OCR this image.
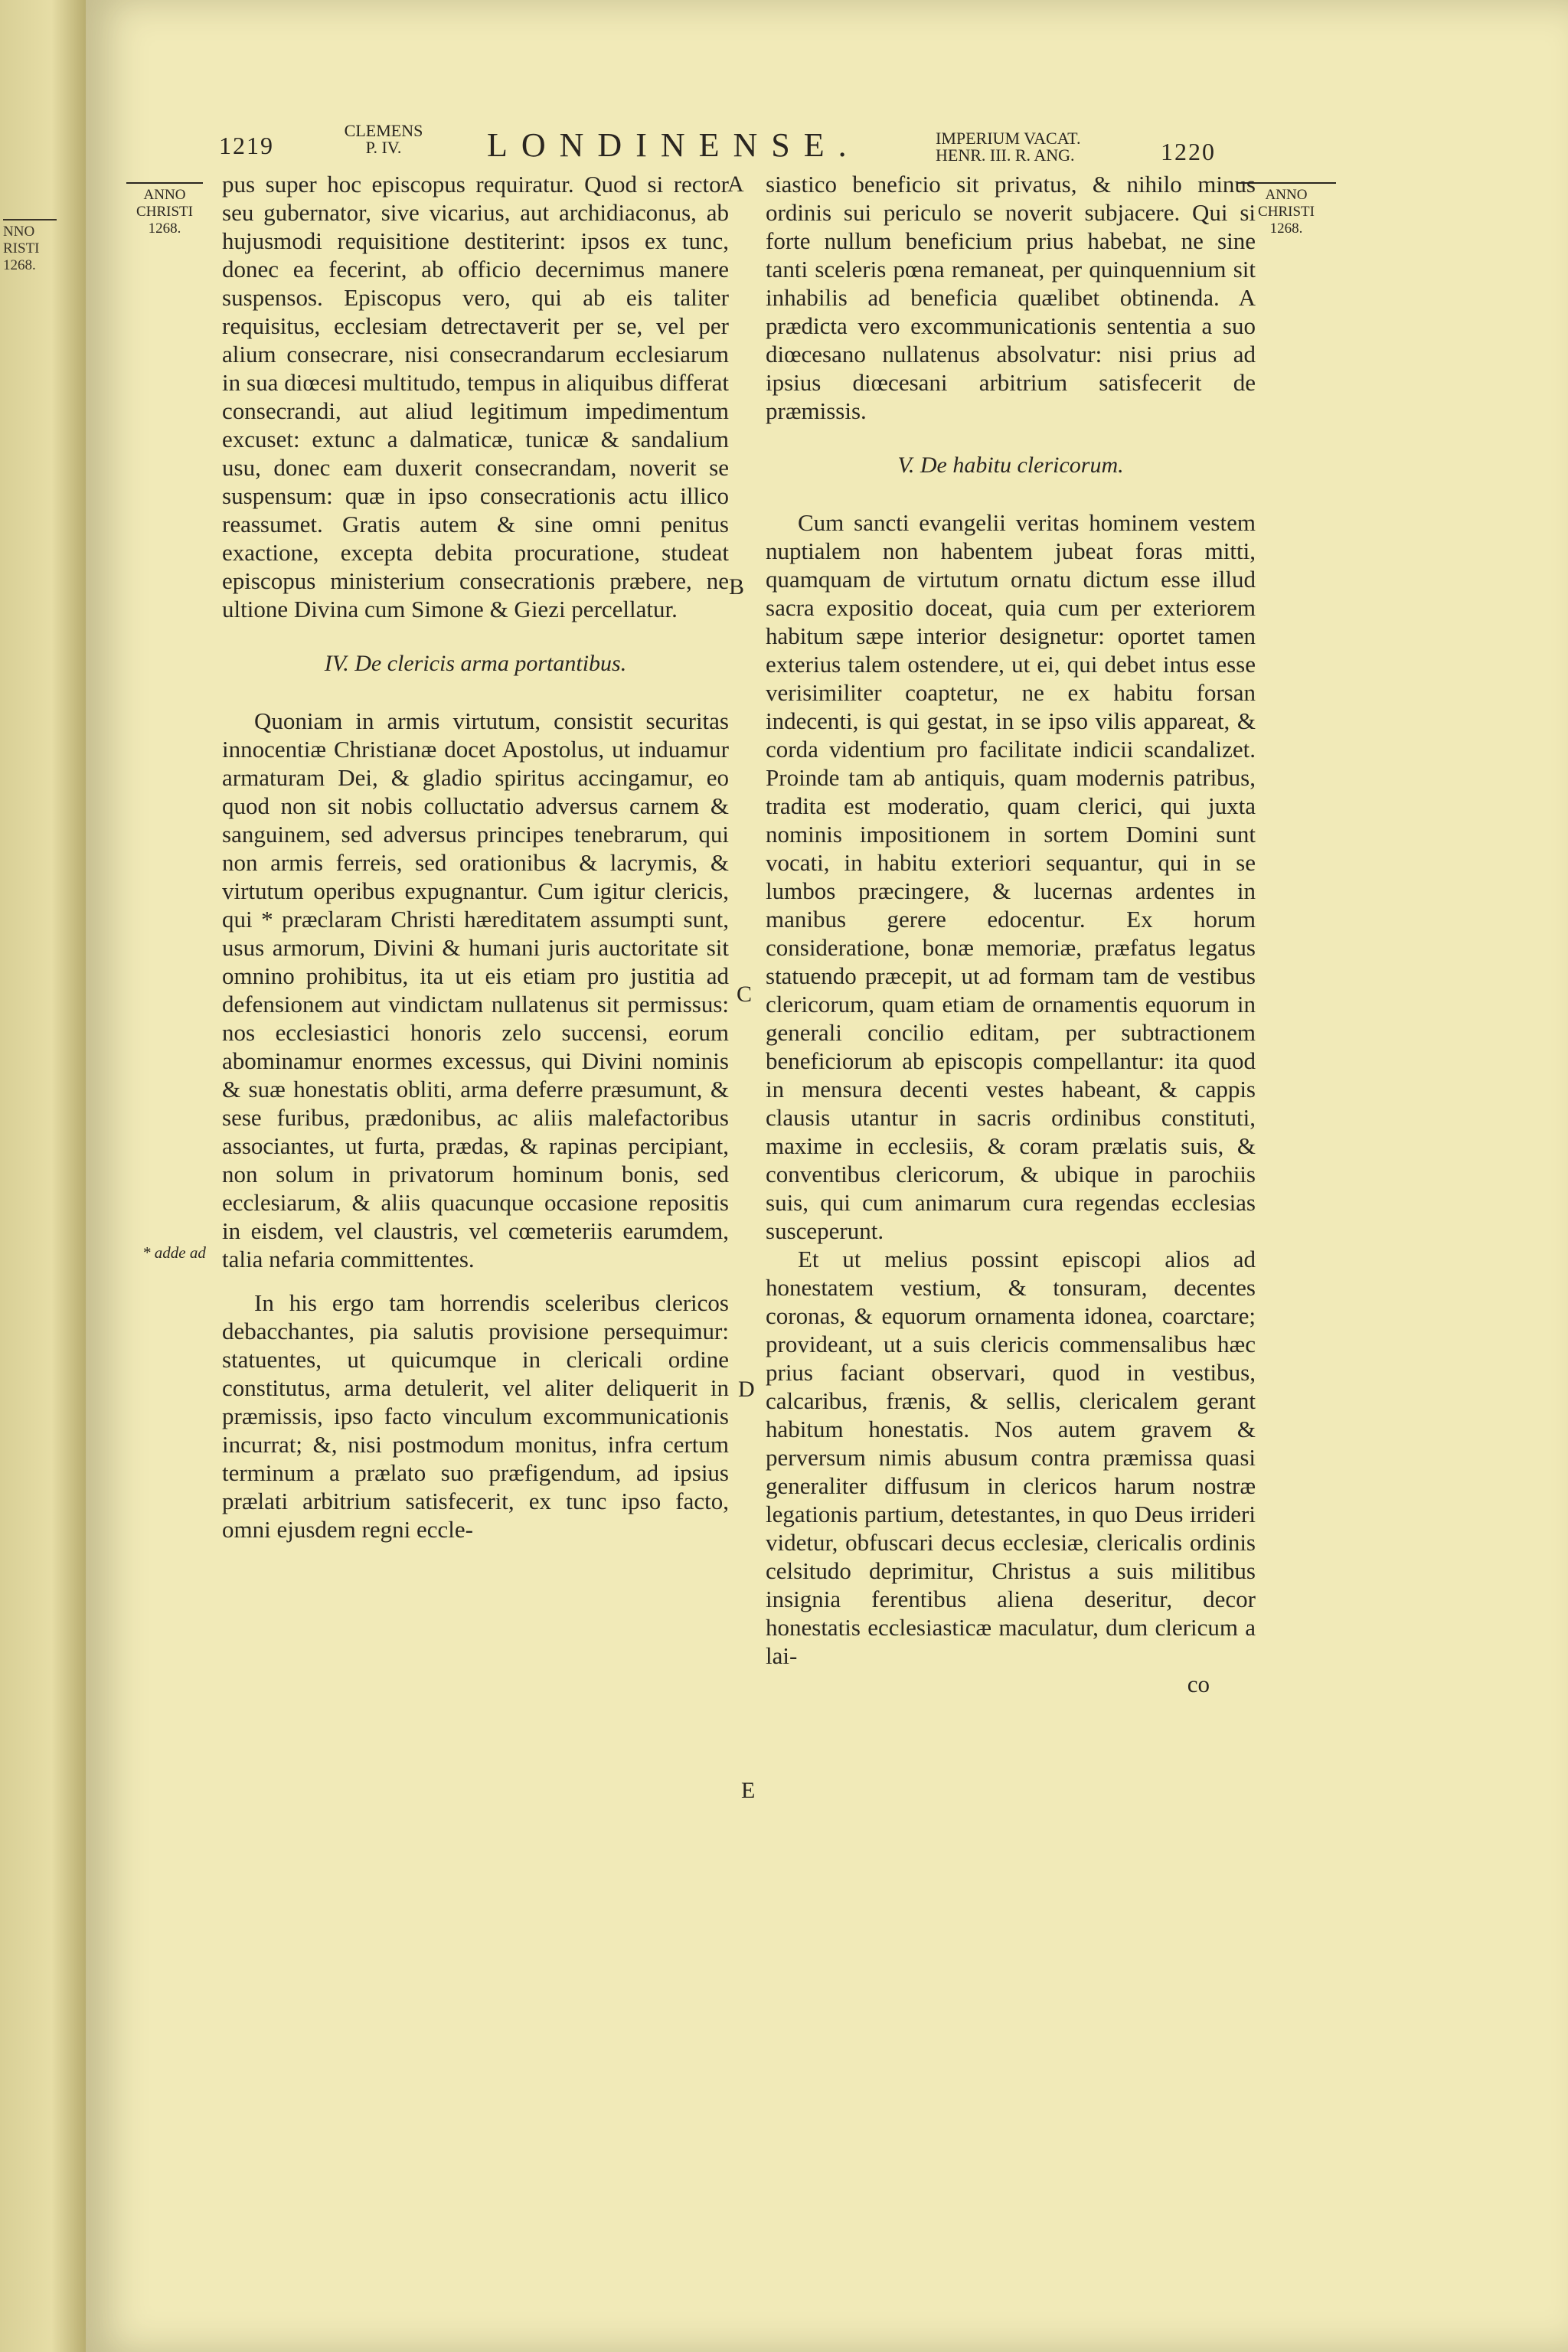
NNO
RISTI
1268.
1219
CLEMENS
P. IV.	LONDINENSE.	IMPERIUM VACAT.
HENR. III. R. ANG.	1220
ANNO
CHRISTI
1268.
ANNO
CHRISTI
1268.
* adde ad
A
B
C
D
E

pus super hoc episcopus requiratur. Quod si rector seu gubernator, sive vicarius, aut archidiaconus, ab hujusmodi requisitione destiterint: ipsos ex tunc, donec ea fecerint, ab officio decernimus manere suspensos. Episcopus vero, qui ab eis taliter requisitus, ecclesiam detrectaverit per se, vel per alium consecrare, nisi consecrandarum ecclesiarum in sua diœcesi multitudo, tempus in aliquibus differat consecrandi, aut aliud legitimum impedimentum excuset: extunc a dalmaticæ, tunicæ & sandalium usu, donec eam duxerit consecrandam, noverit se suspensum: quæ in ipso consecrationis actu illico reassumet. Gratis autem & sine omni penitus exactione, excepta debita procuratione, studeat episcopus ministerium consecrationis præbere, ne ultione Divina cum Simone & Giezi percellatur.

IV. De clericis arma portantibus.

Quoniam in armis virtutum, consistit securitas innocentiæ Christianæ docet Apostolus, ut induamur armaturam Dei, & gladio spiritus accingamur, eo quod non sit nobis colluctatio adversus carnem & sanguinem, sed adversus principes tenebrarum, qui non armis ferreis, sed orationibus & lacrymis, & virtutum operibus expugnantur. Cum igitur clericis, qui * præclaram Christi hæreditatem assumpti sunt, usus armorum, Divini & humani juris auctoritate sit omnino prohibitus, ita ut eis etiam pro justitia ad defensionem aut vindictam nullatenus sit permissus: nos ecclesiastici honoris zelo succensi, eorum abominamur enormes excessus, qui Divini nominis & suæ honestatis obliti, arma deferre præsumunt, & sese furibus, prædonibus, ac aliis malefactoribus associantes, ut furta, prædas, & rapinas percipiant, non solum in privatorum hominum bonis, sed ecclesiarum, & aliis quacunque occasione repositis in eisdem, vel claustris, vel cœmeteriis earumdem, talia nefaria committentes.

In his ergo tam horrendis sceleribus clericos debacchantes, pia salutis provisione persequimur: statuentes, ut quicumque in clericali ordine constitutus, arma detulerit, vel aliter deliquerit in præmissis, ipso facto vinculum excommunicationis incurrat; &, nisi postmodum monitus, infra certum terminum a prælato suo præfigendum, ad ipsius prælati arbitrium satisfecerit, ex tunc ipso facto, omni ejusdem regni eccle-

siastico beneficio sit privatus, & nihilo minus ordinis sui periculo se noverit subjacere. Qui si forte nullum beneficium prius habebat, ne sine tanti sceleris pœna remaneat, per quinquennium sit inhabilis ad beneficia quælibet obtinenda. A prædicta vero excommunicationis sententia a suo diœcesano nullatenus absolvatur: nisi prius ad ipsius diœcesani arbitrium satisfecerit de præmissis.

V. De habitu clericorum.

Cum sancti evangelii veritas hominem vestem nuptialem non habentem jubeat foras mitti, quamquam de virtutum ornatu dictum esse illud sacra expositio doceat, quia cum per exteriorem habitum sæpe interior designetur: oportet tamen exterius talem ostendere, ut ei, qui debet intus esse verisimiliter coaptetur, ne ex habitu forsan indecenti, is qui gestat, in se ipso vilis appareat, & corda videntium pro facilitate indicii scandalizet. Proinde tam ab antiquis, quam modernis patribus, tradita est moderatio, quam clerici, qui juxta nominis impositionem in sortem Domini sunt vocati, in habitu exteriori sequantur, qui in se lumbos præcingere, & lucernas ardentes in manibus gerere edocentur. Ex horum consideratione, bonæ memoriæ, præfatus legatus statuendo præcepit, ut ad formam tam de vestibus clericorum, quam etiam de ornamentis equorum in generali concilio editam, per subtractionem beneficiorum ab episcopis compellantur: ita quod in mensura decenti vestes habeant, & cappis clausis utantur in sacris ordinibus constituti, maxime in ecclesiis, & coram prælatis suis, & conventibus clericorum, & ubique in parochiis suis, qui cum animarum cura regendas ecclesias susceperunt.

Et ut melius possint episcopi alios ad honestatem vestium, & tonsuram, decentes coronas, & equorum ornamenta idonea, coarctare; provideant, ut a suis clericis commensalibus hæc prius faciant observari, quod in vestibus, calcaribus, frænis, & sellis, clericalem gerant habitum honestatis. Nos autem gravem & perversum nimis abusum contra præmissa quasi generaliter diffusum in clericos harum nostræ legationis partium, detestantes, in quo Deus irrideri videtur, obfuscari decus ecclesiæ, clericalis ordinis celsitudo deprimitur, Christus a suis militibus insignia ferentibus aliena deseritur, decor honestatis ecclesiasticæ maculatur, dum clericum a lai-

co
